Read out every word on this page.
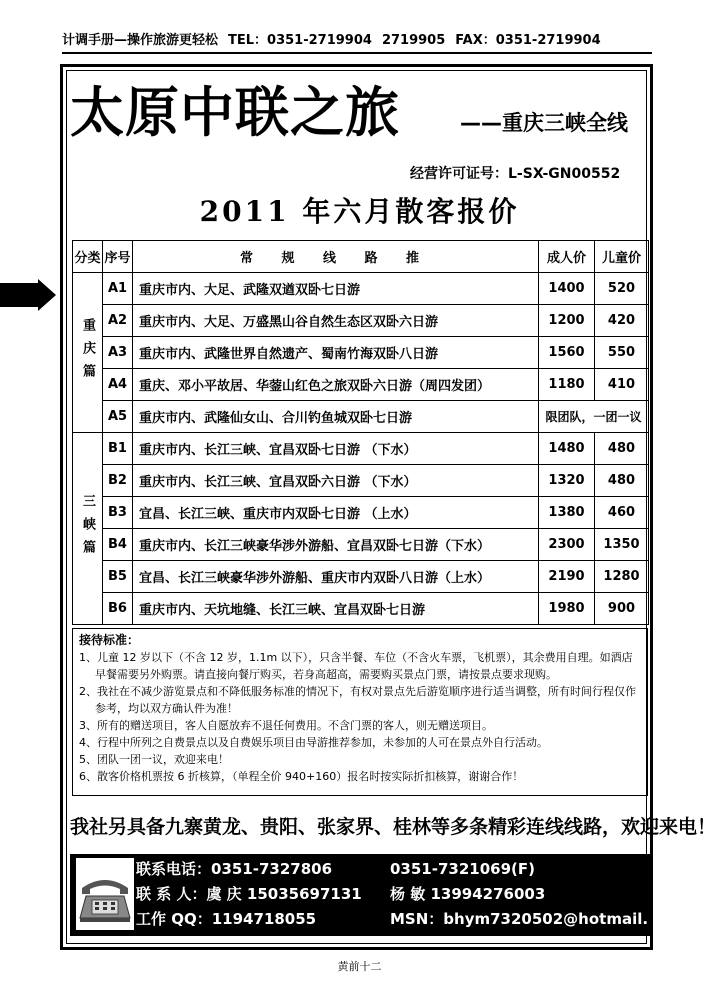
计调手册—操作旅游更轻松 TEL：0351-2719904 2719905 FAX：0351-2719904
太原中联之旅	——重庆三峡全线
经营许可证号：L-SX-GN00552
2011 年六月散客报价
分类	序号	常 规 线 路 推	成人价	儿童价
重庆篇	A1	重庆市内、大足、武隆双遒双卧七日游	1400	520
	A2	重庆市内、大足、万盛黑山谷自然生态区双卧六日游	1200	420
	A3	重庆市内、武隆世界自然遗产、蜀南竹海双卧八日游	1560	550
	A4	重庆、邓小平故居、华蓥山红色之旅双卧六日游（周四发团）	1180	410
	A5	重庆市内、武隆仙女山、合川钓鱼城双卧七日游	限团队，一团一议	
三峡篇	B1	重庆市内、长江三峡、宜昌双卧七日游 （下水）	1480	480
	B2	重庆市内、长江三峡、宜昌双卧六日游 （下水）	1320	480
	B3	宜昌、长江三峡、重庆市内双卧七日游 （上水）	1380	460
	B4	重庆市内、长江三峡豪华涉外游船、宜昌双卧七日游（下水）	2300	1350
	B5	宜昌、长江三峡豪华涉外游船、重庆市内双卧八日游（上水）	2190	1280
	B6	重庆市内、天坑地缝、长江三峡、宜昌双卧七日游	1980	900
接待标准：
1、儿童 12 岁以下（不含 12 岁，1.1m 以下），只含半餐、车位（不含火车票，飞机票），其余费用自理。如酒店早餐需要另外购票。请直接向餐厅购买，若身高超高，需要购买景点门票，请按景点要求现购。
2、我社在不减少游览景点和不降低服务标准的情况下，有权对景点先后游览顺序进行适当调整，所有时间行程仅作参考，均以双方确认件为准！
3、所有的赠送项目，客人自愿放弃不退任何费用。不含门票的客人，则无赠送项目。
4、行程中所列之自费景点以及自费娱乐项目由导游推荐参加，未参加的人可在景点外自行活动。
5、团队一团一议，欢迎来电！
6、散客价格机票按 6 折核算，（单程全价 940+160）报名时按实际折扣核算，谢谢合作！
我社另具备九寨黄龙、贵阳、张家界、桂林等多条精彩连线线路，欢迎来电！
联系电话：0351-7327806	0351-7321069(F)
联 系 人：虞 庆 15035697131 杨 敏 13994276003
工作 QQ：1194718055	MSN：bhym7320502@hotmail.
黄前十二
